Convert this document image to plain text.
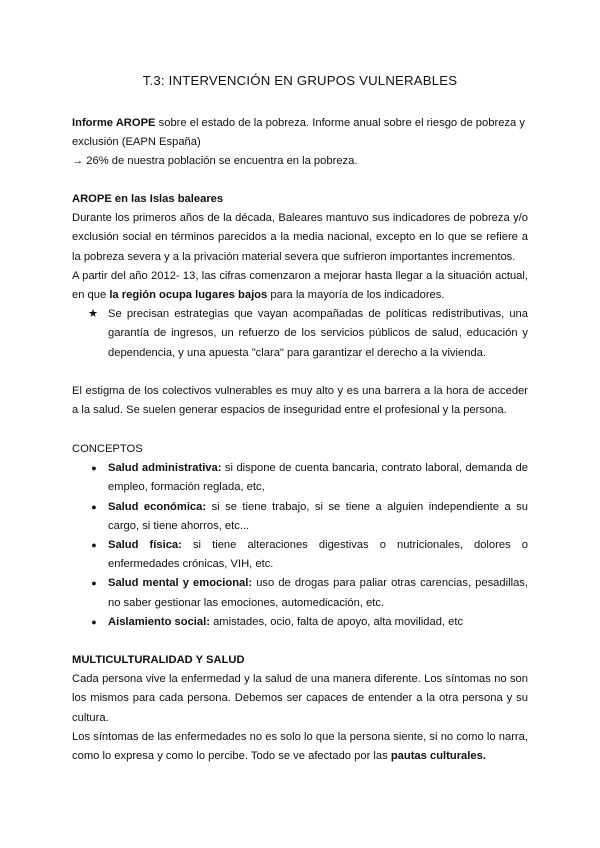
T.3: INTERVENCIÓN EN GRUPOS VULNERABLES

Informe AROPE sobre el estado de la pobreza. Informe anual sobre el riesgo de pobreza y exclusión (EAPN España)

→ 26% de nuestra población se encuentra en la pobreza.

AROPE en las Islas baleares

Durante los primeros años de la década, Baleares mantuvo sus indicadores de pobreza y/o exclusión social en términos parecidos a la media nacional, excepto en lo que se refiere a la pobreza severa y a la privación material severa que sufrieron importantes incrementos.

A partir del año 2012- 13, las cifras comenzaron a mejorar hasta llegar a la situación actual, en que la región ocupa lugares bajos para la mayoría de los indicadores.

★ Se precisan estrategias que vayan acompañadas de políticas redistributivas, una garantía de ingresos, un refuerzo de los servicios públicos de salud, educación y dependencia, y una apuesta "clara" para garantizar el derecho a la vivienda.
El estigma de los colectivos vulnerables es muy alto y es una barrera a la hora de acceder a la salud. Se suelen generar espacios de inseguridad entre el profesional y la persona.

CONCEPTOS

● Salud administrativa: si dispone de cuenta bancaria, contrato laboral, demanda de empleo, formación reglada, etc,
● Salud económica: si se tiene trabajo, si se tiene a alguien independiente a su cargo, si tiene ahorros, etc...
● Salud física: si tiene alteraciones digestivas o nutricionales, dolores o enfermedades crónicas, VIH, etc.
● Salud mental y emocional: uso de drogas para paliar otras carencias, pesadillas, no saber gestionar las emociones, automedicación, etc.
● Aislamiento social: amistades, ocio, falta de apoyo, alta movilidad, etc

MULTICULTURALIDAD Y SALUD

Cada persona vive la enfermedad y la salud de una manera diferente. Los síntomas no son los mismos para cada persona. Debemos ser capaces de entender a la otra persona y su cultura.

Los síntomas de las enfermedades no es solo lo que la persona siente, si no como lo narra, como lo expresa y como lo percibe. Todo se ve afectado por las pautas culturales.
